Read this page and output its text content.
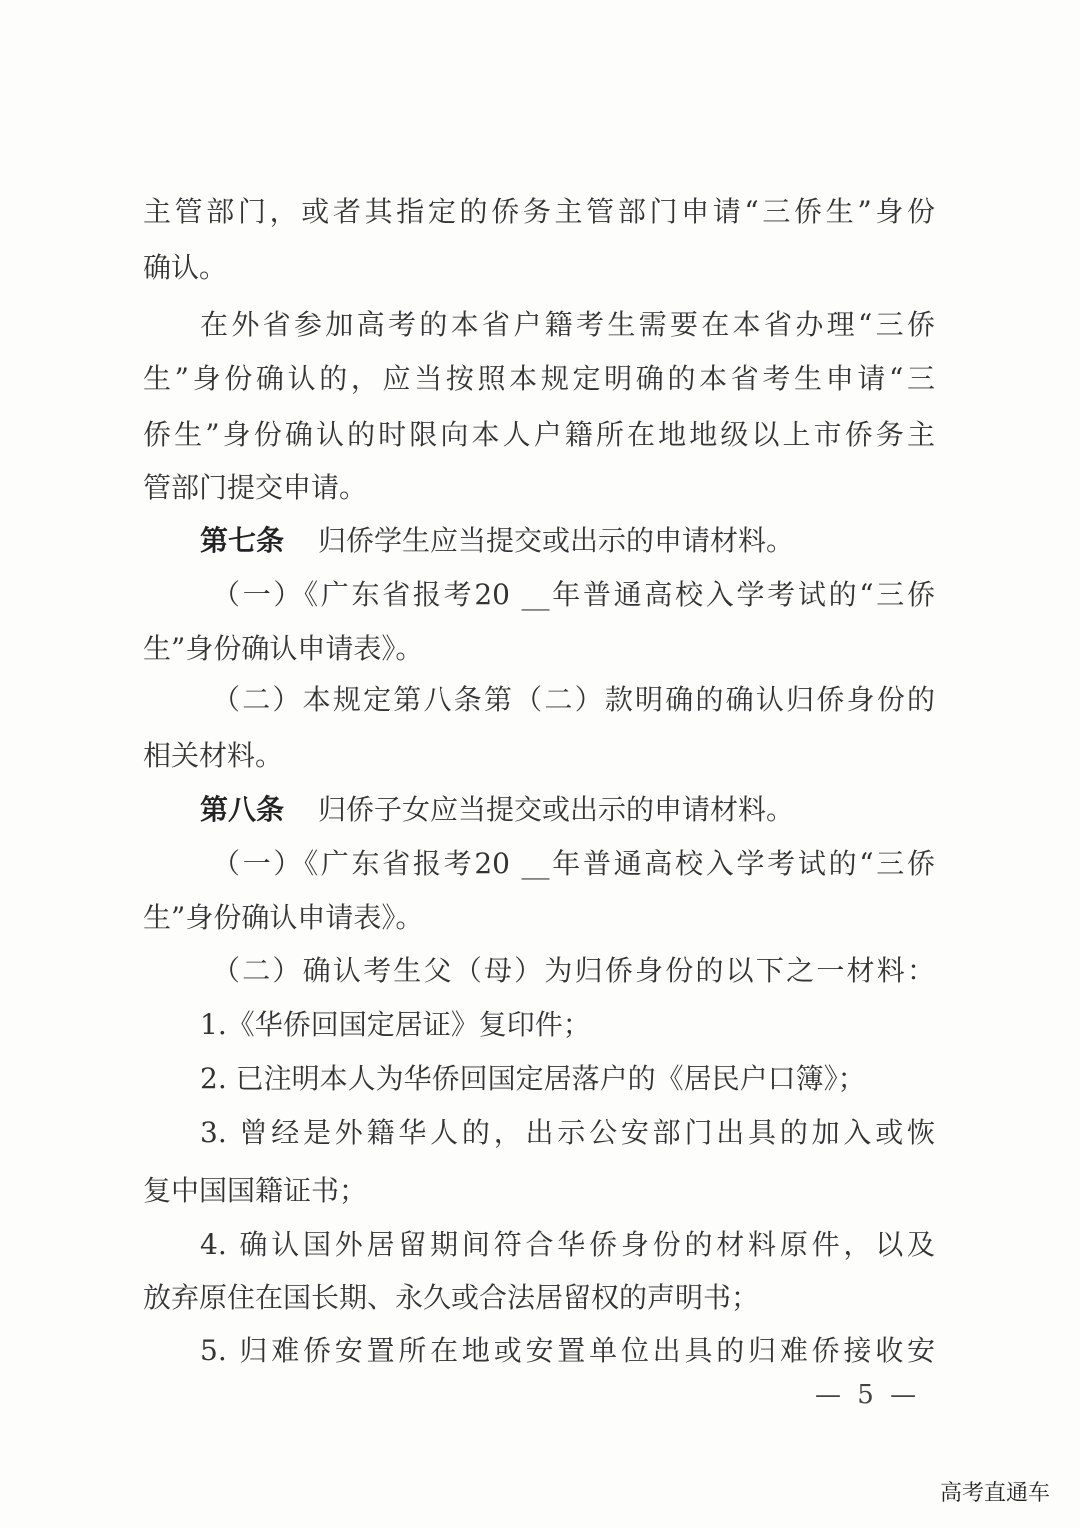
主管部门，或者其指定的侨务主管部门申请“三侨生”身份
确认。
在外省参加高考的本省户籍考生需要在本省办理“三侨
生”身份确认的，应当按照本规定明确的本省考生申请“三
侨生”身份确认的时限向本人户籍所在地地级以上市侨务主
管部门提交申请。
第七条 归侨学生应当提交或出示的申请材料。
（一）《广东省报考20 __年普通高校入学考试的“三侨
生”身份确认申请表》。
（二）本规定第八条第（二）款明确的确认归侨身份的
相关材料。
第八条 归侨子女应当提交或出示的申请材料。
（一）《广东省报考20 __年普通高校入学考试的“三侨
生”身份确认申请表》。
（二）确认考生父（母）为归侨身份的以下之一材料：
1.《华侨回国定居证》复印件；
2. 已注明本人为华侨回国定居落户的《居民户口簿》；
3. 曾经是外籍华人的，出示公安部门出具的加入或恢
复中国国籍证书；
4. 确认国外居留期间符合华侨身份的材料原件，以及
放弃原住在国长期、永久或合法居留权的声明书；
5. 归难侨安置所在地或安置单位出具的归难侨接收安
— 5 —
高考直通车
